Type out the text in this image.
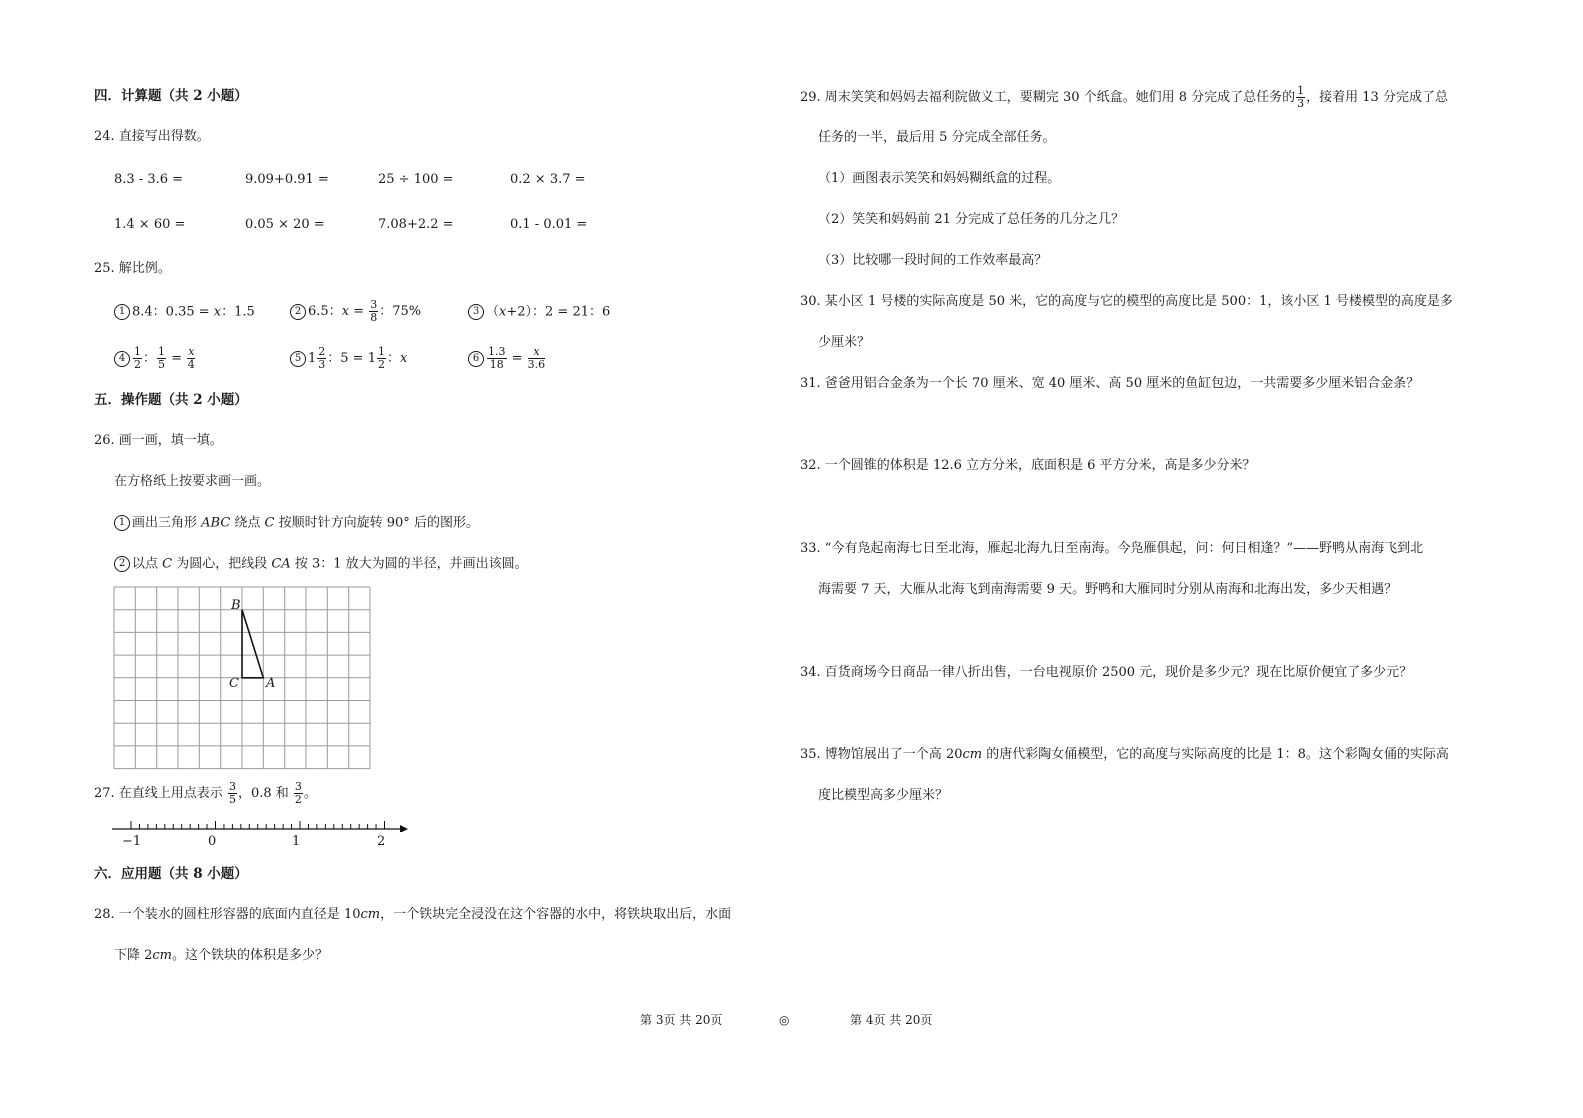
四．计算题（共 2 小题）
24. 直接写出得数。
8.3 - 3.6 =	9.09+0.91 =	25 ÷ 100 =	0.2 × 3.7 =
1.4 × 60 =	0.05 × 20 =	7.08+2.2 =	0.1 - 0.01 =
25. 解比例。
1 8.4：0.35 = x：1.5	2 6.5：$x = \frac{3}{8}$ ：75%	3 （x+2）：2 = 21：6
$4 \frac{1}{2}$ ： $\frac{1}{5} = \frac{x}{4}$	5 $1 \frac{2}{3}$ ：$5 = 1 \frac{1}{2}$ ：x	$6 \frac{1.3}{18} = \frac{x}{3.6}$
五．操作题（共 2 小题）
26. 画一画，填一填。
在方格纸上按要求画一画。
1 画出三角形 ABC 绕点 C 按顺时针方向旋转 90° 后的图形。
2 以点 C 为圆心，把线段 CA 按 3：1 放大为圆的半径，并画出该圆。
B
C A
27. 在直线上用点表示 $\frac{3}{5}$ ，0.8 和 $\frac{3}{2}$ 。
−1	0	1	2
六．应用题（共 8 小题）
28. 一个装水的圆柱形容器的底面内直径是 10cm，一个铁块完全浸没在这个容器的水中，将铁块取出后，水面
下降 2cm。这个铁块的体积是多少？
29. 周末笑笑和妈妈去福利院做义工，要糊完 30 个纸盒。她们用 8 分完成了总任务的 $\frac{1}{3}$ ，接着用 13 分完成了总
任务的一半，最后用 5 分完成全部任务。
（1）画图表示笑笑和妈妈糊纸盒的过程。
（2）笑笑和妈妈前 21 分完成了总任务的几分之几？
（3）比较哪一段时间的工作效率最高？
30. 某小区 1 号楼的实际高度是 50 米，它的高度与它的模型的高度比是 500：1，该小区 1 号楼模型的高度是多
少厘米？
31. 爸爸用铝合金条为一个长 70 厘米、宽 40 厘米、高 50 厘米的鱼缸包边，一共需要多少厘米铝合金条？
32. 一个圆锥的体积是 12.6 立方分米，底面积是 6 平方分米，高是多少分米？
33. “今有凫起南海七日至北海，雁起北海九日至南海。今凫雁俱起，问：何日相逢？”——野鸭从南海飞到北
海需要 7 天，大雁从北海飞到南海需要 9 天。野鸭和大雁同时分别从南海和北海出发，多少天相遇？
34. 百货商场今日商品一律八折出售，一台电视原价 2500 元，现价是多少元？现在比原价便宜了多少元？
35. 博物馆展出了一个高 20cm 的唐代彩陶女俑模型，它的高度与实际高度的比是 1：8。这个彩陶女俑的实际高
度比模型高多少厘米？
第 3页 共 20页	◎	第 4页 共 20页
